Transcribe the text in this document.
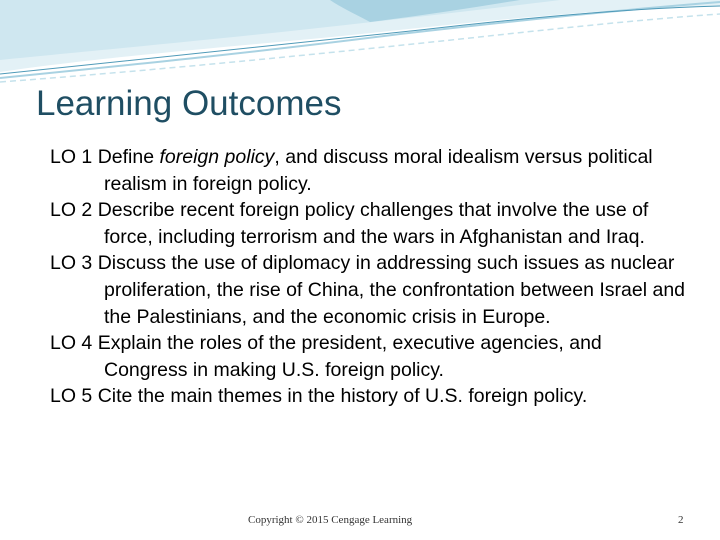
Learning Outcomes
LO 1 Define foreign policy, and discuss moral idealism versus political realism in foreign policy.
LO 2 Describe recent foreign policy challenges that involve the use of force, including terrorism and the wars in Afghanistan and Iraq.
LO 3 Discuss the use of diplomacy in addressing such issues as nuclear proliferation, the rise of China, the confrontation between Israel and the Palestinians, and the economic crisis in Europe.
LO 4 Explain the roles of the president, executive agencies, and Congress in making U.S. foreign policy.
LO 5 Cite the main themes in the history of U.S. foreign policy.
Copyright © 2015 Cengage Learning	2
